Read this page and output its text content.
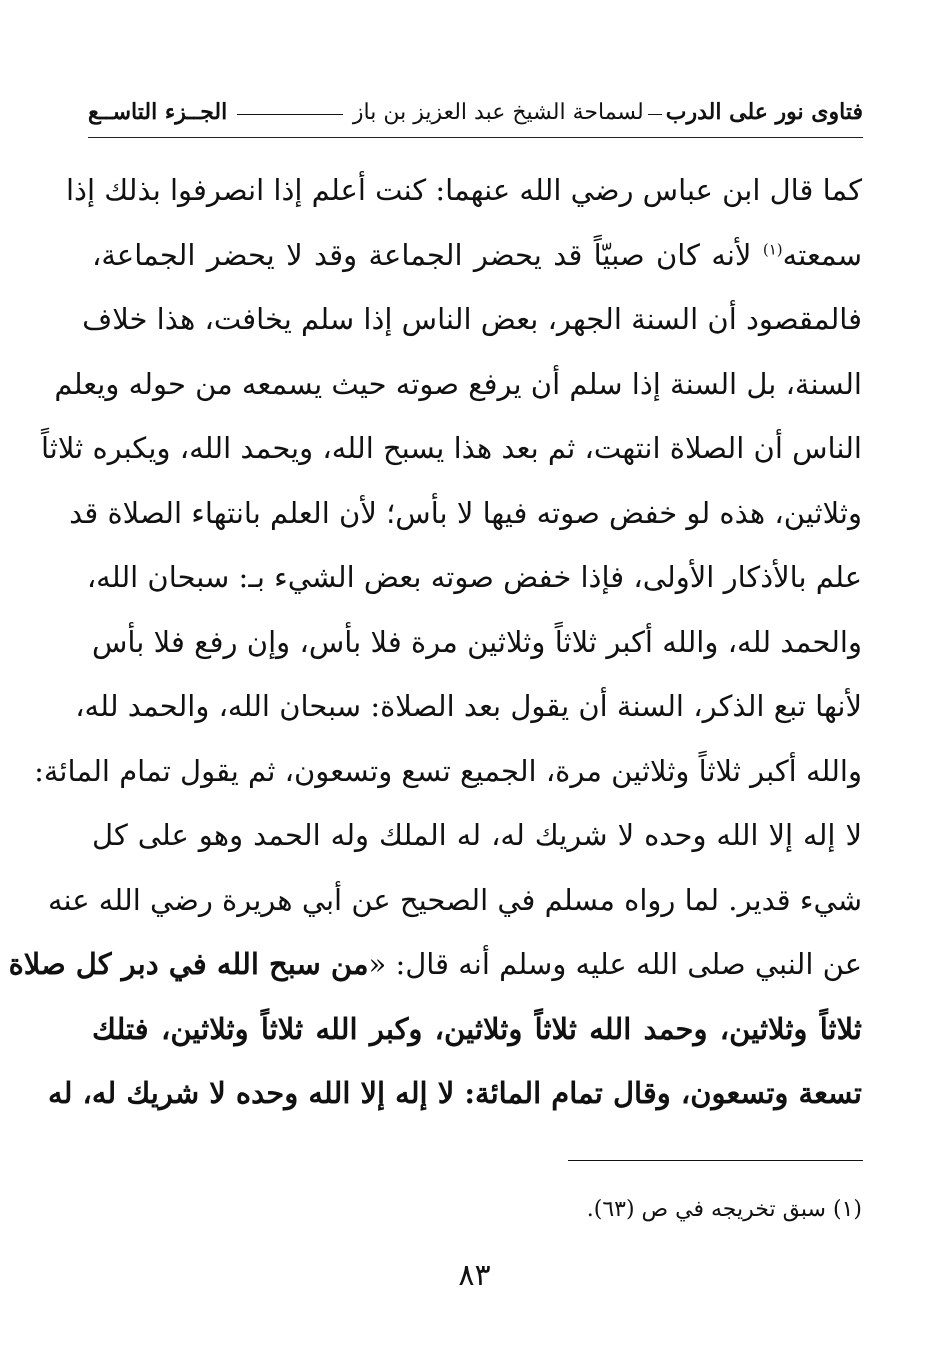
فتاوى نور على الدرب
لسماحة الشيخ عبد العزيز بن باز
الجــزء التاســع
كما قال ابن عباس رضي الله عنهما: كنت أعلم إذا انصرفوا بذلك إذا
سمعته$^{(١)}$ لأنه كان صبيّاً قد يحضر الجماعة وقد لا يحضر الجماعة،
فالمقصود أن السنة الجهر، بعض الناس إذا سلم يخافت، هذا خلاف
السنة، بل السنة إذا سلم أن يرفع صوته حيث يسمعه من حوله ويعلم
الناس أن الصلاة انتهت، ثم بعد هذا يسبح الله، ويحمد الله، ويكبره ثلاثاً
وثلاثين، هذه لو خفض صوته فيها لا بأس؛ لأن العلم بانتهاء الصلاة قد
علم بالأذكار الأولى، فإذا خفض صوته بعض الشيء بـ: سبحان الله،
والحمد لله، والله أكبر ثلاثاً وثلاثين مرة فلا بأس، وإن رفع فلا بأس
لأنها تبع الذكر، السنة أن يقول بعد الصلاة: سبحان الله، والحمد لله،
والله أكبر ثلاثاً وثلاثين مرة، الجميع تسع وتسعون، ثم يقول تمام المائة:
لا إله إلا الله وحده لا شريك له، له الملك وله الحمد وهو على كل
شيء قدير. لما رواه مسلم في الصحيح عن أبي هريرة رضي الله عنه
عن النبي صلى الله عليه وسلم أنه قال: «من سبح الله في دبر كل صلاة
ثلاثاً وثلاثين، وحمد الله ثلاثاً وثلاثين، وكبر الله ثلاثاً وثلاثين، فتلك
تسعة وتسعون، وقال تمام المائة: لا إله إلا الله وحده لا شريك له، له
(١) سبق تخريجه في ص (٦٣).
٨٣
